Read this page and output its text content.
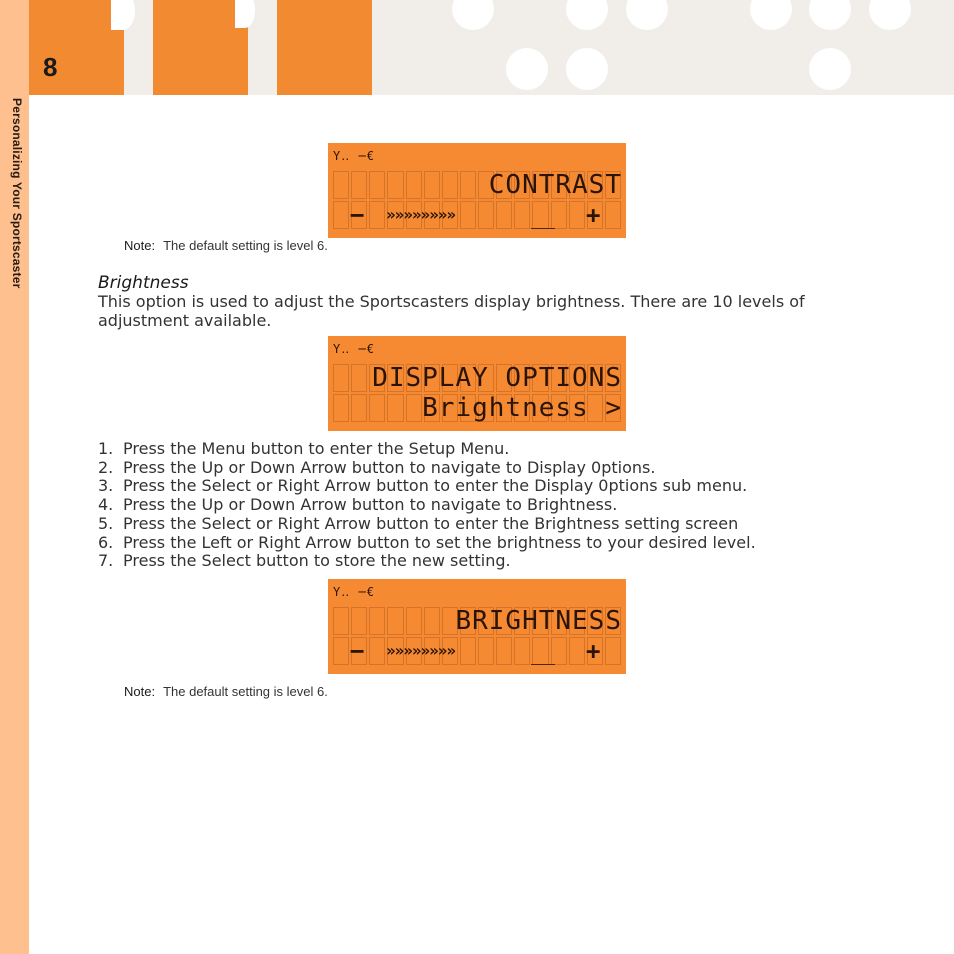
Personalizing Your Sportscaster
8
Y‥ ─€
CONTRAST
− »»»»»»»»	__ +
Note: The default setting is level 6.
Brightness
This option is used to adjust the Sportscasters display brightness. There are 10 levels of adjustment available.
Y‥ ─€
DISPLAY OPTIONS
Brightness >
1. Press the Menu button to enter the Setup Menu.
2. Press the Up or Down Arrow button to navigate to Display 0ptions.
3. Press the Select or Right Arrow button to enter the Display 0ptions sub menu.
4. Press the Up or Down Arrow button to navigate to Brightness.
5. Press the Select or Right Arrow button to enter the Brightness setting screen
6. Press the Left or Right Arrow button to set the brightness to your desired level.
7. Press the Select button to store the new setting.
Y‥ ─€
BRIGHTNESS
− »»»»»»»»	__ +
Note: The default setting is level 6.
